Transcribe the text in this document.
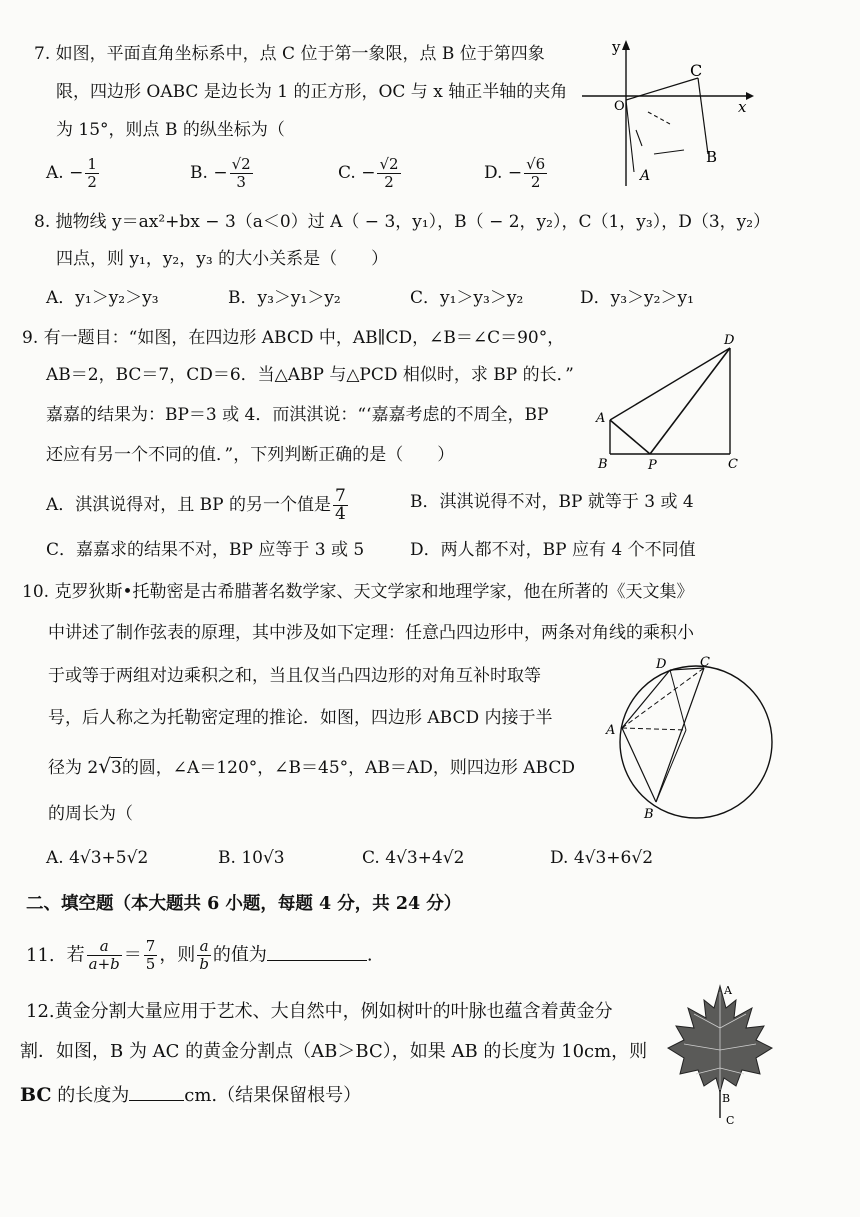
7. 如图，平面直角坐标系中，点 C 位于第一象限，点 B 位于第四象
限，四边形 OABC 是边长为 1 的正方形，OC 与 x 轴正半轴的夹角
为 15°，则点 B 的纵坐标为（
A. − $\frac{1}{2}$	B. − $\frac{√2}{3}$	C. − $\frac{√2}{2}$	D. − $\frac{√6}{2}$
y
x
O
C
B
A
8. 抛物线 y＝ax²+bx − 3（a＜0）过 A（ − 3，y₁），B（ − 2，y₂），C（1，y₃），D（3，y₂）
四点，则 y₁，y₂，y₃ 的大小关系是（　　）
A．y₁＞y₂＞y₃	B．y₃＞y₁＞y₂	C．y₁＞y₃＞y₂	D．y₃＞y₂＞y₁
9. 有一题目：“如图，在四边形 ABCD 中，AB∥CD，∠B＝∠C＝90°，
AB＝2，BC＝7，CD＝6．当△ABP 与△PCD 相似时，求 BP 的长．”
嘉嘉的结果为：BP＝3 或 4．而淇淇说：“‘嘉嘉考虑的不周全，BP
还应有另一个不同的值．”，下列判断正确的是（　　）
A．淇淇说得对，且 BP 的另一个值是 $\frac{7}{4}$	B．淇淇说得不对，BP 就等于 3 或 4
C．嘉嘉求的结果不对，BP 应等于 3 或 5	D．两人都不对，BP 应有 4 个不同值
D
A
B	P	C
10. 克罗狄斯•托勒密是古希腊著名数学家、天文学家和地理学家，他在所著的《天文集》
中讲述了制作弦表的原理，其中涉及如下定理：任意凸四边形中，两条对角线的乘积小
于或等于两组对边乘积之和，当且仅当凸四边形的对角互补时取等
号，后人称之为托勒密定理的推论．如图，四边形 ABCD 内接于半
径为 2√3的圆，∠A＝120°，∠B＝45°，AB＝AD，则四边形 ABCD
的周长为（
A. 4√3+5√2	B. 10√3	C. 4√3+4√2	D. 4√3+6√2
D	C
A
B
二、填空题（本大题共 6 小题，每题 4 分，共 24 分）
11. 若 $\frac{a}{a+b} = \frac{7}{5}$ ，则 $\frac{a}{b}$ 的值为	.
12.黄金分割大量应用于艺术、大自然中，例如树叶的叶脉也蕴含着黄金分
割．如图，B 为 AC 的黄金分割点（AB＞BC），如果 AB 的长度为 10cm，则
BC 的长度为	cm.（结果保留根号）
A
B
C
